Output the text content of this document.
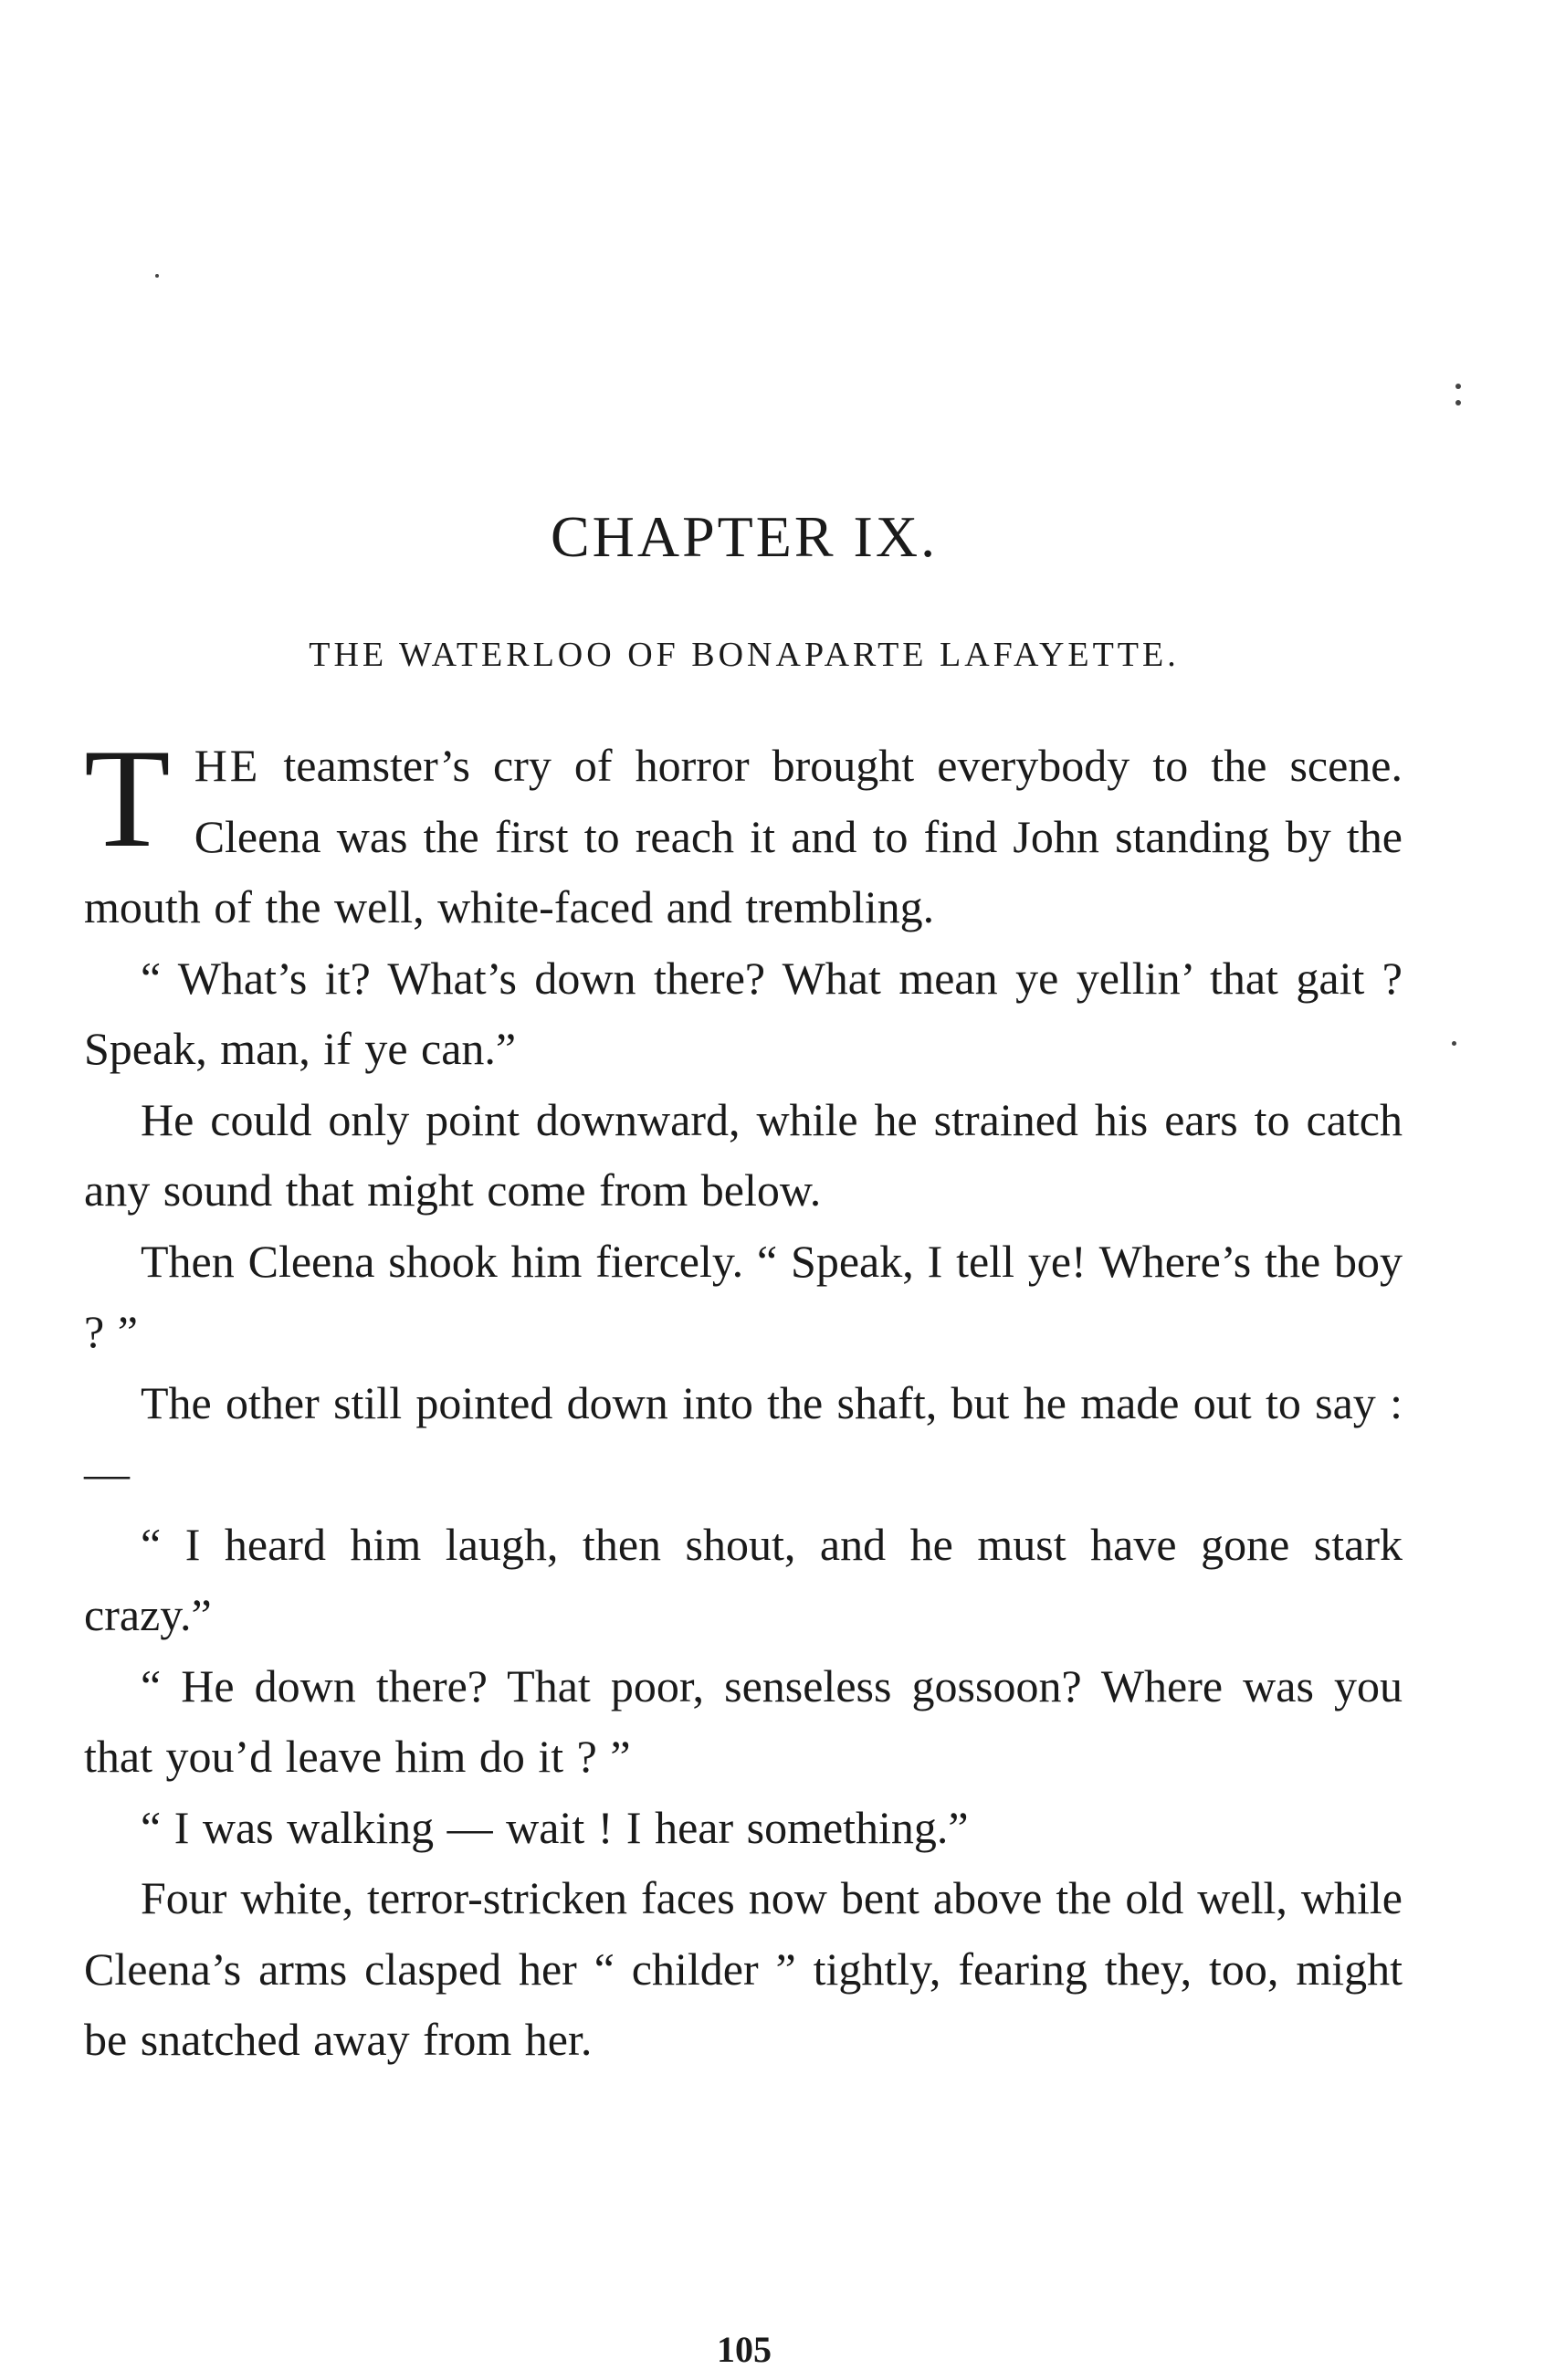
CHAPTER IX.
THE WATERLOO OF BONAPARTE LAFAYETTE.

THE teamster’s cry of horror brought everybody to the scene. Cleena was the first to reach it and to find John standing by the mouth of the well, white-faced and trembling.

“ What’s it? What’s down there? What mean ye yellin’ that gait ? Speak, man, if ye can.”

He could only point downward, while he strained his ears to catch any sound that might come from below.

Then Cleena shook him fiercely. “ Speak, I tell ye! Where’s the boy ? ”

The other still pointed down into the shaft, but he made out to say : —

“ I heard him laugh, then shout, and he must have gone stark crazy.”

“ He down there? That poor, senseless gossoon? Where was you that you’d leave him do it ? ”

“ I was walking — wait ! I hear something.”

Four white, terror-stricken faces now bent above the old well, while Cleena’s arms clasped her “ childer ” tightly, fearing they, too, might be snatched away from her.

105
